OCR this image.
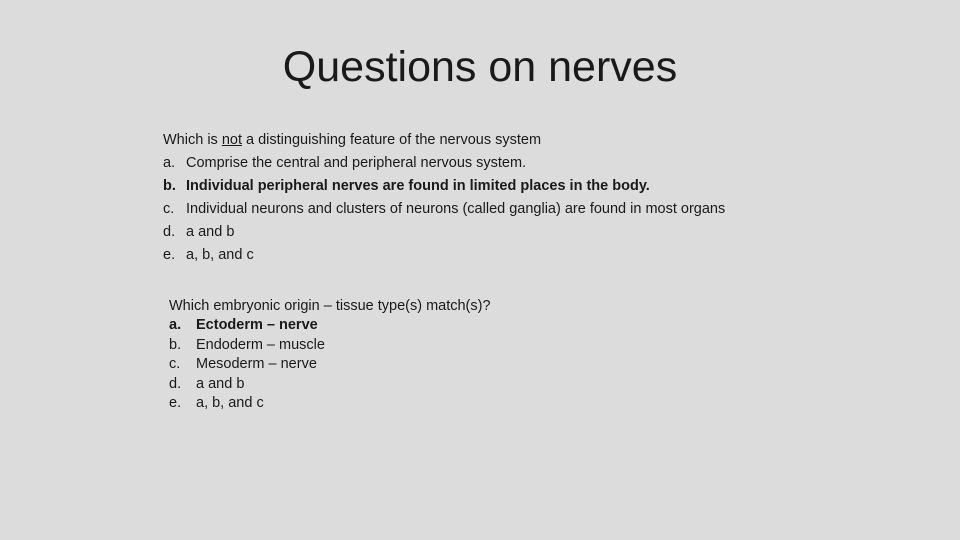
Questions on nerves
Which is not a distinguishing feature of the nervous system
a. Comprise the central and peripheral nervous system.
b. Individual peripheral nerves are found in limited places in the body.
c. Individual neurons and clusters of neurons (called ganglia) are found in most organs
d. a and b
e. a, b, and c
Which embryonic origin – tissue type(s) match(s)?
a.	Ectoderm – nerve
b.	Endoderm – muscle
c.	Mesoderm – nerve
d.	a and b
e.	a, b, and c
